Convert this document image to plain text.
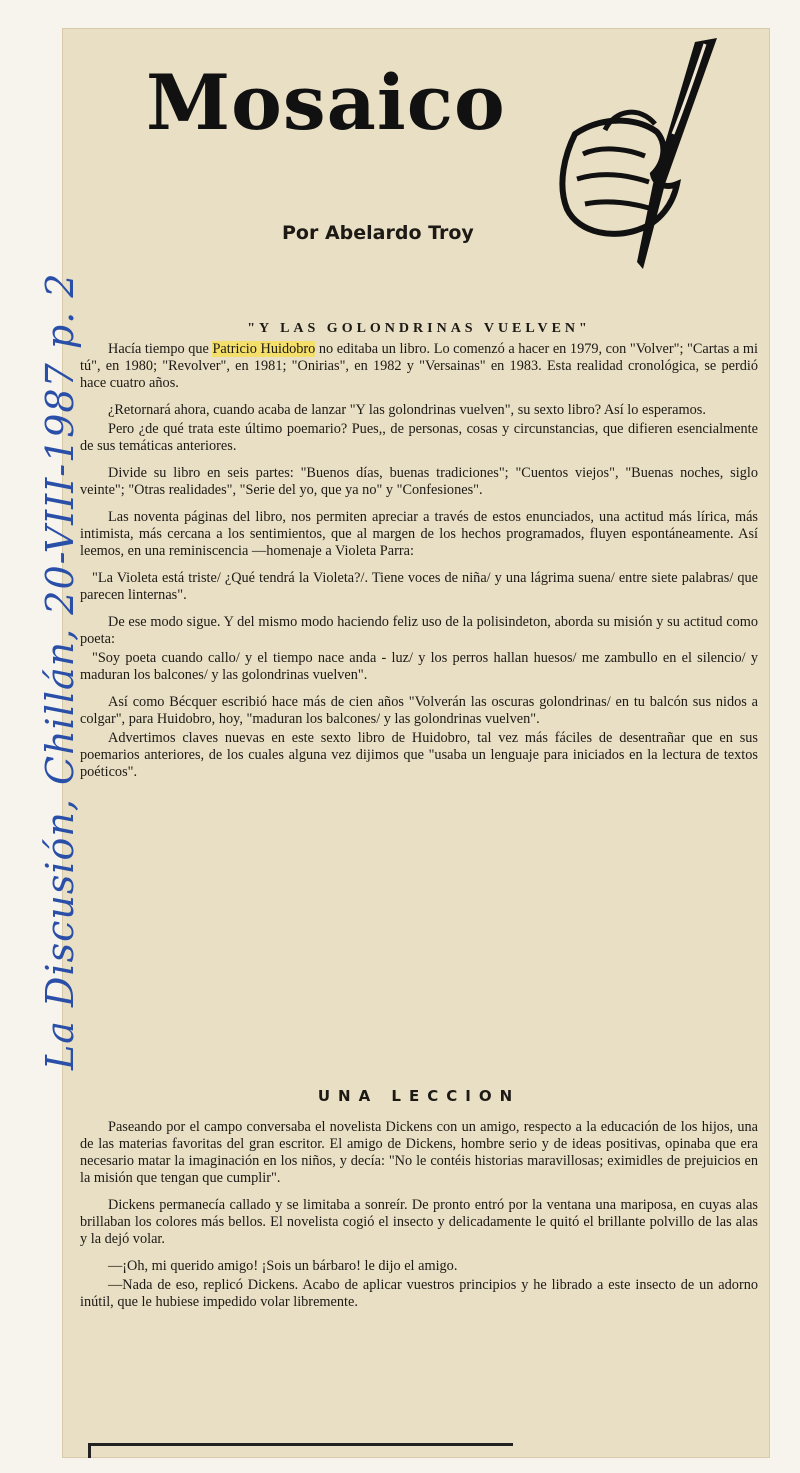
Mosaico
Por Abelardo Troy
La Discusión, Chillán, 20-VIII-1987 p. 2	"Y LAS GOLONDRINAS VUELVEN"

Hacía tiempo que Patricio Huidobro no editaba un libro. Lo comenzó a hacer en 1979, con "Volver"; "Cartas a mi tú", en 1980; "Revolver", en 1981; "Onirias", en 1982 y "Versainas" en 1983. Esta realidad cronológica, se perdió hace cuatro años.

¿Retornará ahora, cuando acaba de lanzar "Y las golondrinas vuelven", su sexto libro? Así lo esperamos.

Pero ¿de qué trata este último poemario? Pues,, de personas, cosas y circunstancias, que difieren esencialmente de sus temáticas anteriores.

Divide su libro en seis partes: "Buenos días, buenas tradiciones"; "Cuentos viejos", "Buenas noches, siglo veinte"; "Otras realidades", "Serie del yo, que ya no" y "Confesiones".

Las noventa páginas del libro, nos permiten apreciar a través de estos enunciados, una actitud más lírica, más intimista, más cercana a los sentimientos, que al margen de los hechos programados, fluyen espontáneamente. Así leemos, en una reminiscencia —homenaje a Violeta Parra:

"La Violeta está triste/ ¿Qué tendrá la Violeta?/. Tiene voces de niña/ y una lágrima suena/ entre siete palabras/ que parecen linternas".

De ese modo sigue. Y del mismo modo haciendo feliz uso de la polisindeton, aborda su misión y su actitud como poeta:

"Soy poeta cuando callo/ y el tiempo nace anda - luz/ y los perros hallan huesos/ me zambullo en el silencio/ y maduran los balcones/ y las golondrinas vuelven".

Así como Bécquer escribió hace más de cien años "Volverán las oscuras golondrinas/ en tu balcón sus nidos a colgar", para Huidobro, hoy, "maduran los balcones/ y las golondrinas vuelven".

Advertimos claves nuevas en este sexto libro de Huidobro, tal vez más fáciles de desentrañar que en sus poemarios anteriores, de los cuales alguna vez dijimos que "usaba un lenguaje para iniciados en la lectura de textos poéticos".

UNA LECCION

Paseando por el campo conversaba el novelista Dickens con un amigo, respecto a la educación de los hijos, una de las materias favoritas del gran escritor. El amigo de Dickens, hombre serio y de ideas positivas, opinaba que era necesario matar la imaginación en los niños, y decía: "No le contéis historias maravillosas; eximidles de prejuicios en la misión que tengan que cumplir".

Dickens permanecía callado y se limitaba a sonreír. De pronto entró por la ventana una mariposa, en cuyas alas brillaban los colores más bellos. El novelista cogió el insecto y delicadamente le quitó el brillante polvillo de las alas y la dejó volar.

—¡Oh, mi querido amigo! ¡Sois un bárbaro! le dijo el amigo.

—Nada de eso, replicó Dickens. Acabo de aplicar vuestros principios y he librado a este insecto de un adorno inútil, que le hubiese impedido volar libremente.
